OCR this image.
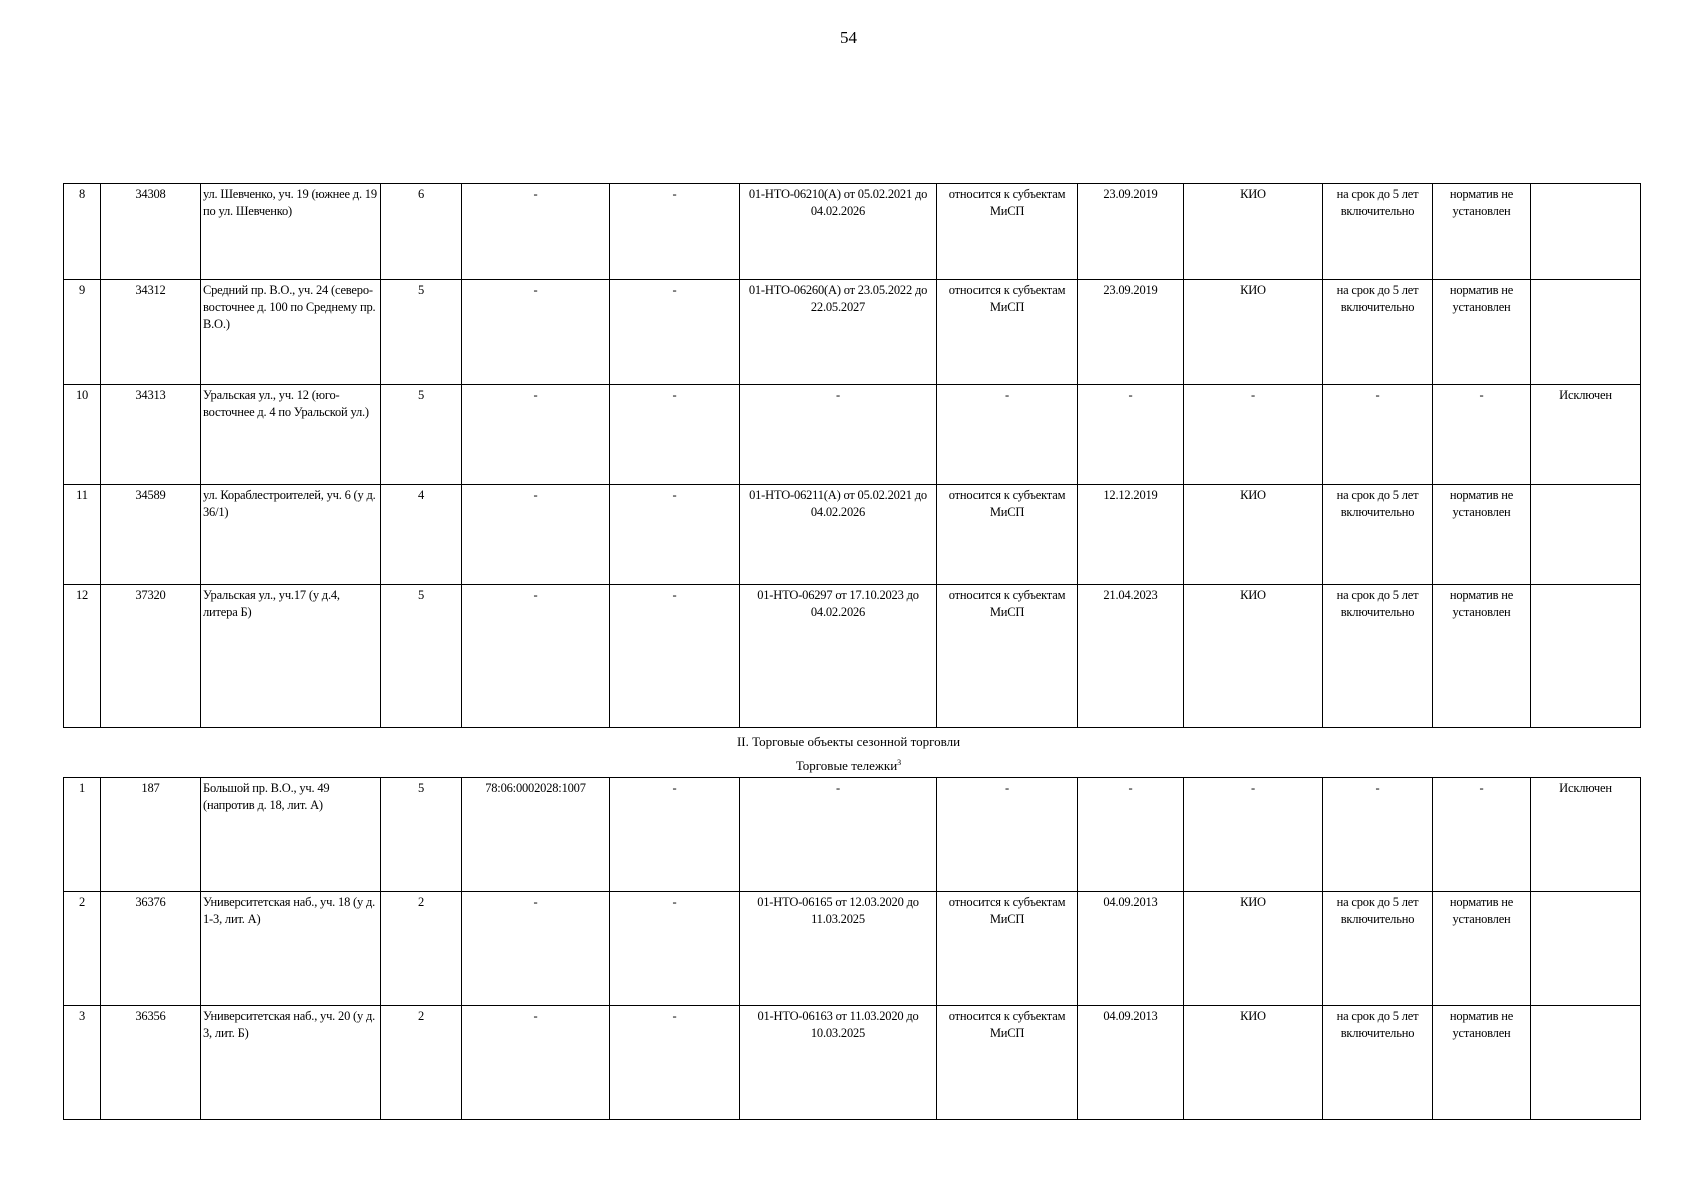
54
8	34308	ул. Шевченко, уч. 19 (южнее д. 19 по ул. Шевченко)	6	-	-	01-НТО-06210(А) от 05.02.2021 до 04.02.2026	относится к субъектам МиСП	23.09.2019	КИО	на срок до 5 лет включительно	норматив не установлен	
9	34312	Средний пр. В.О., уч. 24 (северо-восточнее д. 100 по Среднему пр. В.О.)	5	-	-	01-НТО-06260(А) от 23.05.2022 до 22.05.2027	относится к субъектам МиСП	23.09.2019	КИО	на срок до 5 лет включительно	норматив не установлен	
10	34313	Уральская ул., уч. 12 (юго-восточнее д. 4 по Уральской ул.)	5	-	-	-	-	-	-	-	-	Исключен
11	34589	ул. Кораблестроителей, уч. 6 (у д. 36/1)	4	-	-	01-НТО-06211(А) от 05.02.2021 до 04.02.2026	относится к субъектам МиСП	12.12.2019	КИО	на срок до 5 лет включительно	норматив не установлен	
12	37320	Уральская ул., уч.17 (у д.4, литера Б)	5	-	-	01-НТО-06297 от 17.10.2023 до 04.02.2026	относится к субъектам МиСП	21.04.2023	КИО	на срок до 5 лет включительно	норматив не установлен	
II. Торговые объекты сезонной торговли
Торговые тележки$^3$
1	187	Большой пр. В.О., уч. 49 (напротив д. 18, лит. А)	5	78:06:0002028:1007	-	-	-	-	-	-	-	Исключен
2	36376	Университетская наб., уч. 18 (у д. 1-3, лит. А)	2	-	-	01-НТО-06165 от 12.03.2020 до 11.03.2025	относится к субъектам МиСП	04.09.2013	КИО	на срок до 5 лет включительно	норматив не установлен	
3	36356	Университетская наб., уч. 20 (у д. 3, лит. Б)	2	-	-	01-НТО-06163 от 11.03.2020 до 10.03.2025	относится к субъектам МиСП	04.09.2013	КИО	на срок до 5 лет включительно	норматив не установлен	
